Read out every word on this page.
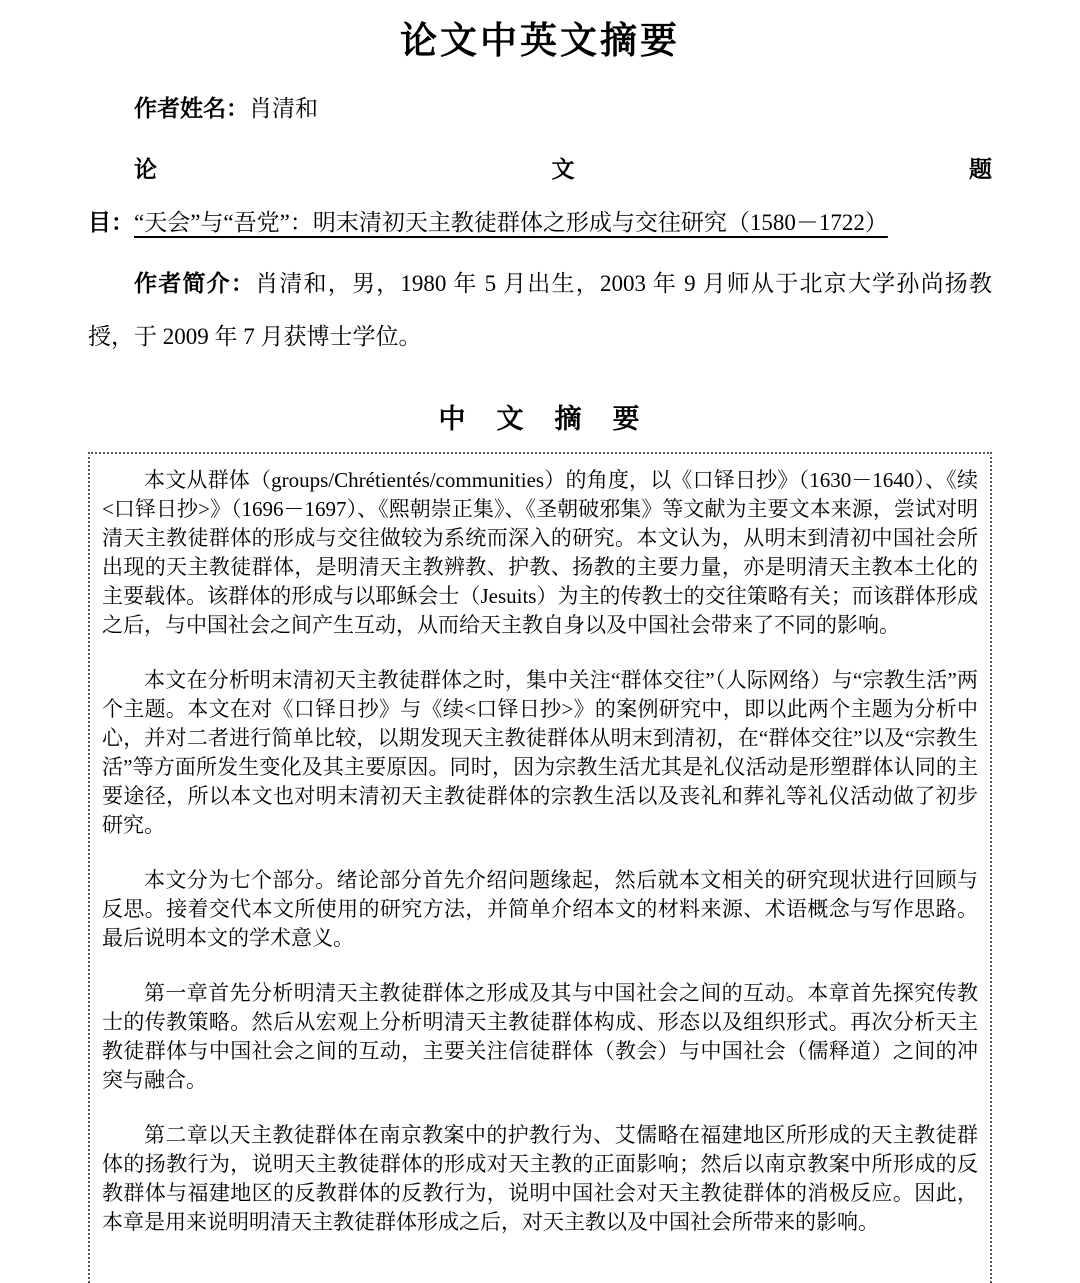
论文中英文摘要

作者姓名：肖清和

论文题目：“天会”与“吾党”：明末清初天主教徒群体之形成与交往研究（1580－1722）

作者简介：肖清和，男，1980 年 5 月出生，2003 年 9 月师从于北京大学孙尚扬教授，于 2009 年 7 月获博士学位。

中　文　摘　要

本文从群体（groups/Chrétientés/communities）的角度，以《口铎日抄》（1630－1640）、《续<口铎日抄>》（1696－1697）、《熙朝崇正集》、《圣朝破邪集》等文献为主要文本来源，尝试对明清天主教徒群体的形成与交往做较为系统而深入的研究。本文认为，从明末到清初中国社会所出现的天主教徒群体，是明清天主教辨教、护教、扬教的主要力量，亦是明清天主教本土化的主要载体。该群体的形成与以耶稣会士（Jesuits）为主的传教士的交往策略有关；而该群体形成之后，与中国社会之间产生互动，从而给天主教自身以及中国社会带来了不同的影响。

本文在分析明末清初天主教徒群体之时，集中关注“群体交往”（人际网络）与“宗教生活”两个主题。本文在对《口铎日抄》与《续<口铎日抄>》的案例研究中，即以此两个主题为分析中心，并对二者进行简单比较，以期发现天主教徒群体从明末到清初，在“群体交往”以及“宗教生活”等方面所发生变化及其主要原因。同时，因为宗教生活尤其是礼仪活动是形塑群体认同的主要途径，所以本文也对明末清初天主教徒群体的宗教生活以及丧礼和葬礼等礼仪活动做了初步研究。

本文分为七个部分。绪论部分首先介绍问题缘起，然后就本文相关的研究现状进行回顾与反思。接着交代本文所使用的研究方法，并简单介绍本文的材料来源、术语概念与写作思路。最后说明本文的学术意义。

第一章首先分析明清天主教徒群体之形成及其与中国社会之间的互动。本章首先探究传教士的传教策略。然后从宏观上分析明清天主教徒群体构成、形态以及组织形式。再次分析天主教徒群体与中国社会之间的互动，主要关注信徒群体（教会）与中国社会（儒释道）之间的冲突与融合。

第二章以天主教徒群体在南京教案中的护教行为、艾儒略在福建地区所形成的天主教徒群体的扬教行为，说明天主教徒群体的形成对天主教的正面影响；然后以南京教案中所形成的反教群体与福建地区的反教群体的反教行为，说明中国社会对天主教徒群体的消极反应。因此，本章是用来说明明清天主教徒群体形成之后，对天主教以及中国社会所带来的影响。
